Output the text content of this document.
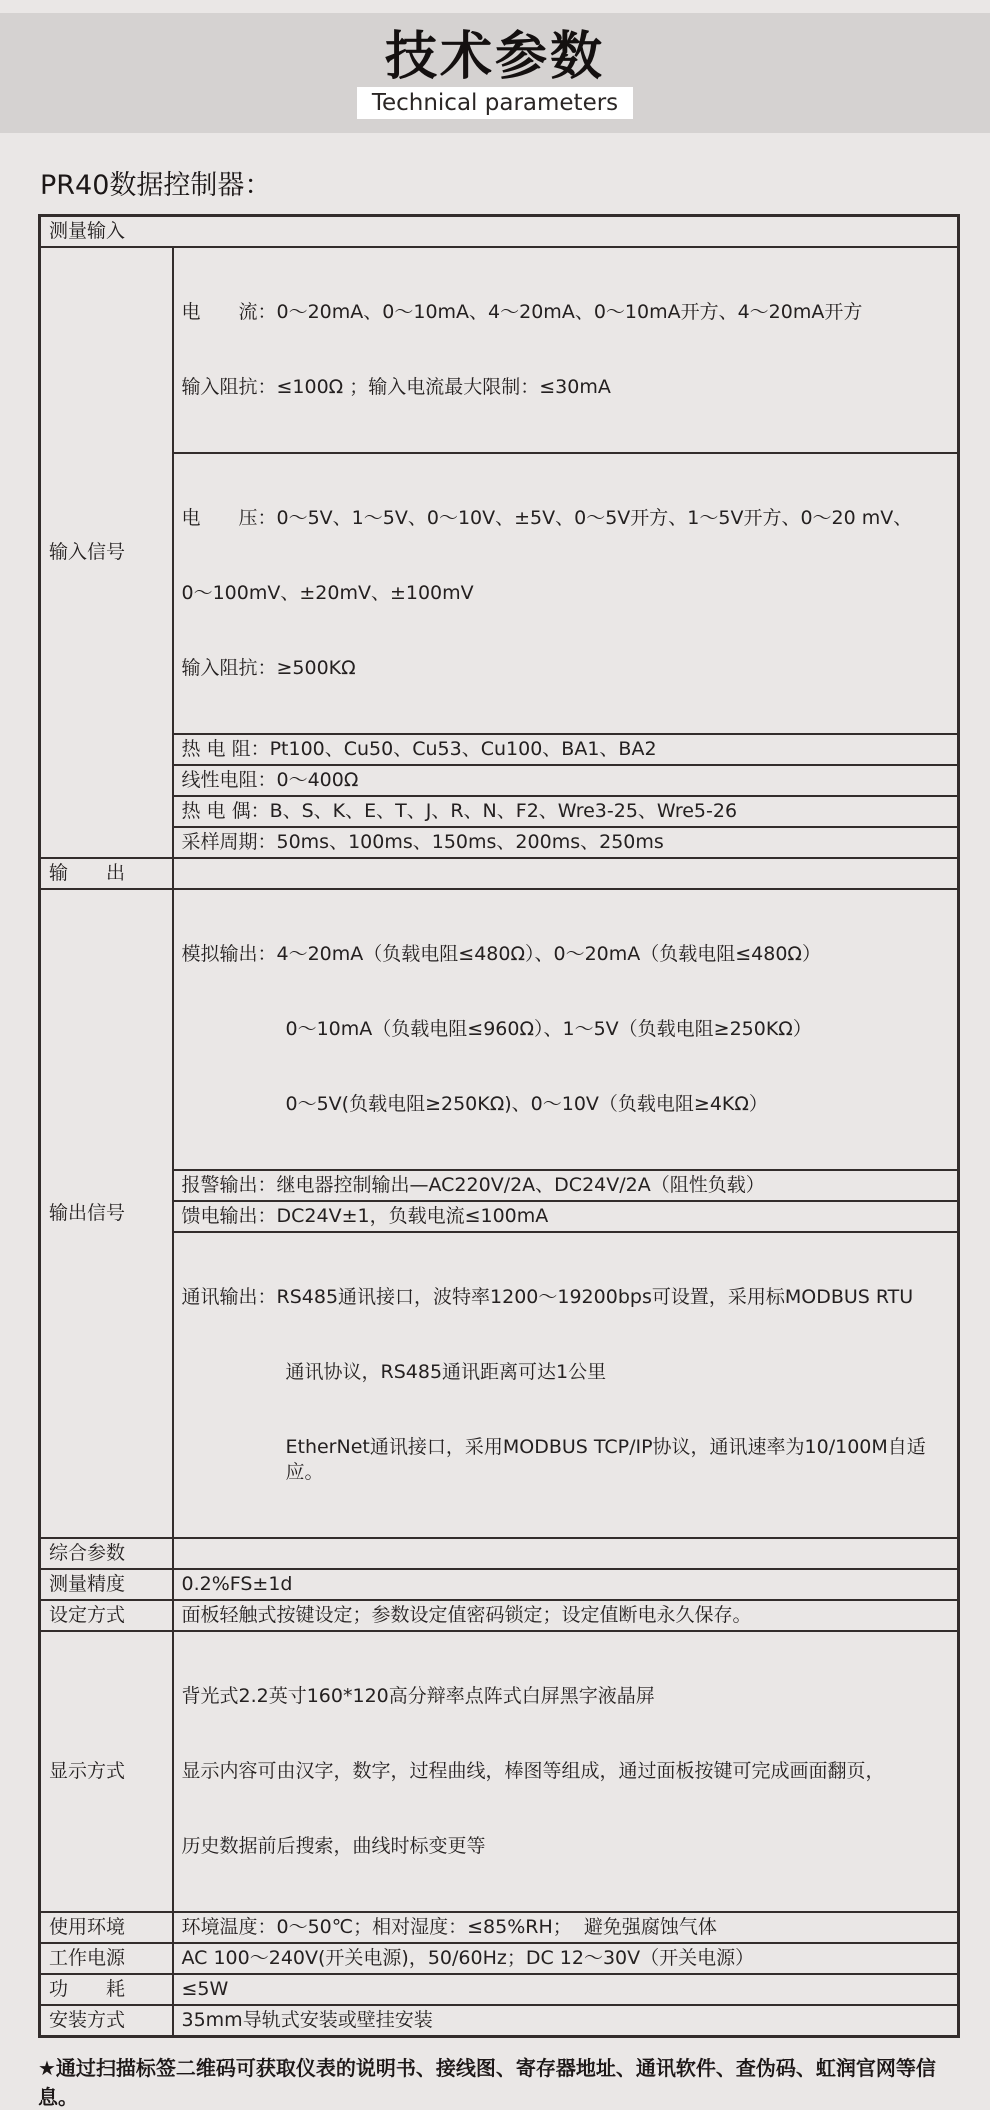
技术参数
Technical parameters
PR40数据控制器：
测量输入	
输入信号	电　　流：0～20mA、0～10mA、4～20mA、0～10mA开方、4～20mA开方

输入阻抗：≤100Ω ；输入电流最大限制：≤30mA

	电　　压：0～5V、1～5V、0～10V、±5V、0～5V开方、1～5V开方、0～20 mV、

0～100mV、±20mV、±100mV

输入阻抗：≥500KΩ

	热 电 阻：Pt100、Cu50、Cu53、Cu100、BA1、BA2
	线性电阻：0～400Ω
	热 电 偶：B、S、K、E、T、J、R、N、F2、Wre3-25、Wre5-26
	采样周期：50ms、100ms、150ms、200ms、250ms
输　　出	
输出信号	模拟输出：4～20mA（负载电阻≤480Ω）、0～20mA（负载电阻≤480Ω）

0～10mA（负载电阻≤960Ω）、1～5V（负载电阻≥250KΩ）

0～5V(负载电阻≥250KΩ)、0～10V（负载电阻≥4KΩ）

	报警输出：继电器控制输出—AC220V/2A、DC24V/2A（阻性负载）
	馈电输出：DC24V±1，负载电流≤100mA

	通讯输出：RS485通讯接口，波特率1200～19200bps可设置，采用标MODBUS RTU

通讯协议，RS485通讯距离可达1公里

EtherNet通讯接口，采用MODBUS TCP/IP协议，通讯速率为10/100M自适应。

综合参数	
测量精度	0.2%FS±1d
设定方式	面板轻触式按键设定；参数设定值密码锁定；设定值断电永久保存。
显示方式	背光式2.2英寸160*120高分辩率点阵式白屏黑字液晶屏

显示内容可由汉字，数字，过程曲线，棒图等组成，通过面板按键可完成画面翻页，

历史数据前后搜索，曲线时标变更等

使用环境	环境温度：0～50℃；相对湿度：≤85%RH；  避免强腐蚀气体
工作电源	AC 100～240V(开关电源)，50/60Hz；DC 12～30V（开关电源）
功　　耗	≤5W
安装方式	35mm导轨式安装或壁挂安装
★通过扫描标签二维码可获取仪表的说明书、接线图、寄存器地址、通讯软件、查伪码、虹润官网等信息。
